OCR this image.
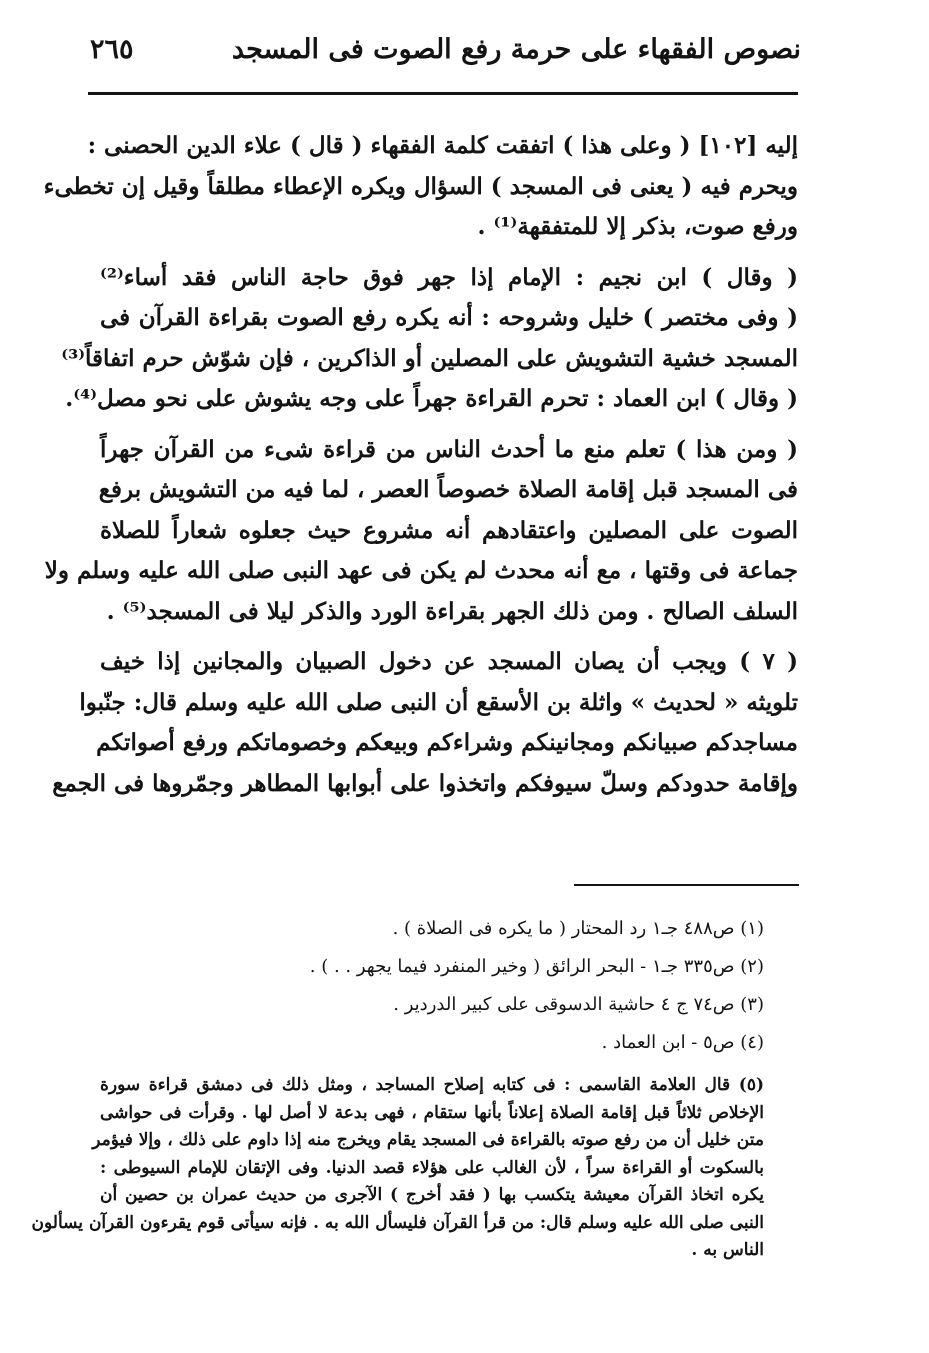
نصوص الفقهاء على حرمة رفع الصوت فى المسجد
٢٦٥
إليه [١٠٢] ( وعلى هذا ) اتفقت كلمة الفقهاء ( قال ) علاء الدين الحصنى :
ويحرم فيه ( يعنى فى المسجد ) السؤال ويكره الإعطاء مطلقاً وقيل إن تخطىء
ورفع صوت، بذكر إلا للمتفقهة⁽¹⁾ .
( وقال ) ابن نجيم : الإمام إذا جهر فوق حاجة الناس فقد أساء⁽²⁾
( وفى مختصر ) خليل وشروحه : أنه يكره رفع الصوت بقراءة القرآن فى
المسجد خشية التشويش على المصلين أو الذاكرين ، فإن شوّش حرم اتفاقاً⁽³⁾
( وقال ) ابن العماد : تحرم القراءة جهراً على وجه يشوش على نحو مصل⁽⁴⁾.
( ومن هذا ) تعلم منع ما أحدث الناس من قراءة شىء من القرآن جهراً
فى المسجد قبل إقامة الصلاة خصوصاً العصر ، لما فيه من التشويش برفع
الصوت على المصلين واعتقادهم أنه مشروع حيث جعلوه شعاراً للصلاة
جماعة فى وقتها ، مع أنه محدث لم يكن فى عهد النبى صلى الله عليه وسلم ولا
السلف الصالح . ومن ذلك الجهر بقراءة الورد والذكر ليلا فى المسجد⁽⁵⁾ .
( ٧ ) ويجب أن يصان المسجد عن دخول الصبيان والمجانين إذا خيف
تلويثه « لحديث » واثلة بن الأسقع أن النبى صلى الله عليه وسلم قال: جنّبوا
مساجدكم صبيانكم ومجانينكم وشراءكم وبيعكم وخصوماتكم ورفع أصواتكم
وإقامة حدودكم وسلّ سيوفكم واتخذوا على أبوابها المطاهر وجمّروها فى الجمع
(١) ص٤٨٨ جـ١ رد المحتار ( ما يكره فى الصلاة ) .
(٢) ص٣٣٥ جـ١ - البحر الرائق ( وخير المنفرد فيما يجهر . . ) .
(٣) ص٧٤ ج ٤ حاشية الدسوقى على كبير الدردير .
(٤) ص٥ - ابن العماد .
(٥) قال العلامة القاسمى : فى كتابه إصلاح المساجد ، ومثل ذلك فى دمشق قراءة سورة
الإخلاص ثلاثاً قبل إقامة الصلاة إعلاناً بأنها ستقام ، فهى بدعة لا أصل لها . وقرأت فى حواشى
متن خليل أن من رفع صوته بالقراءة فى المسجد يقام ويخرج منه إذا داوم على ذلك ، وإلا فيؤمر
بالسكوت أو القراءة سراً ، لأن الغالب على هؤلاء قصد الدنيا. وفى الإتقان للإمام السيوطى :
يكره اتخاذ القرآن معيشة يتكسب بها ( فقد أخرج ) الآجرى من حديث عمران بن حصين أن
النبى صلى الله عليه وسلم قال: من قرأ القرآن فليسأل الله به . فإنه سيأتى قوم يقرءون القرآن يسألون
الناس به .
